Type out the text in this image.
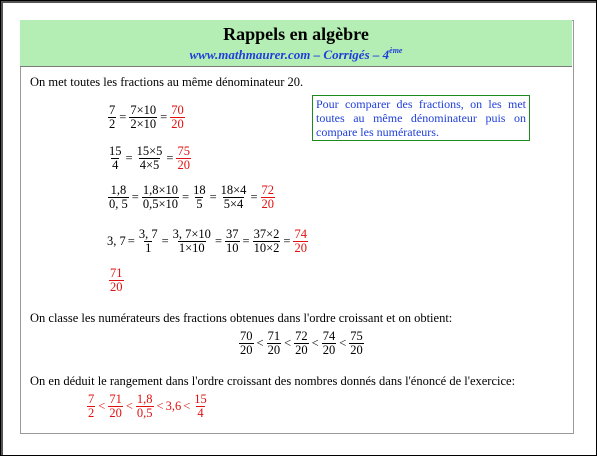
Rappels en algèbre
www.mathmaurer.com – Corrigés – 4ème
On met toutes les fractions au même dénominateur 20.
Pour comparer des fractions, on les met toutes au même dénominateur puis on compare les numérateurs.
$\frac{7}{2} = \frac{7\times 10}{2\times 10} = \frac{70}{20}$
$\frac{15}{4} = \frac{15\times 5}{4\times 5} = \frac{75}{20}$
$\frac{1,8}{0, 5} = \frac{1,8\times 10}{0,5\times 10} = \frac{18}{5} = \frac{18\times 4}{5\times 4} = \frac{72}{20}$
3, $7 = \frac{3, 7}{1} = \frac{3, 7\times 10}{1\times 10} = \frac{37}{10} = \frac{37\times 2}{10\times 2} = \frac{74}{20}$
$\frac{71}{20}$
On classe les numérateurs des fractions obtenues dans l'ordre croissant et on obtient:
$\frac{70}{20} < \frac{71}{20} < \frac{72}{20} < \frac{74}{20} < \frac{75}{20}$
On en déduit le rangement dans l'ordre croissant des nombres donnés dans l'énoncé de l'exercice:
$\frac{7}{2} < \frac{71}{20} < \frac{1,8}{0,5} < 3,6 < \frac{15}{4}$
